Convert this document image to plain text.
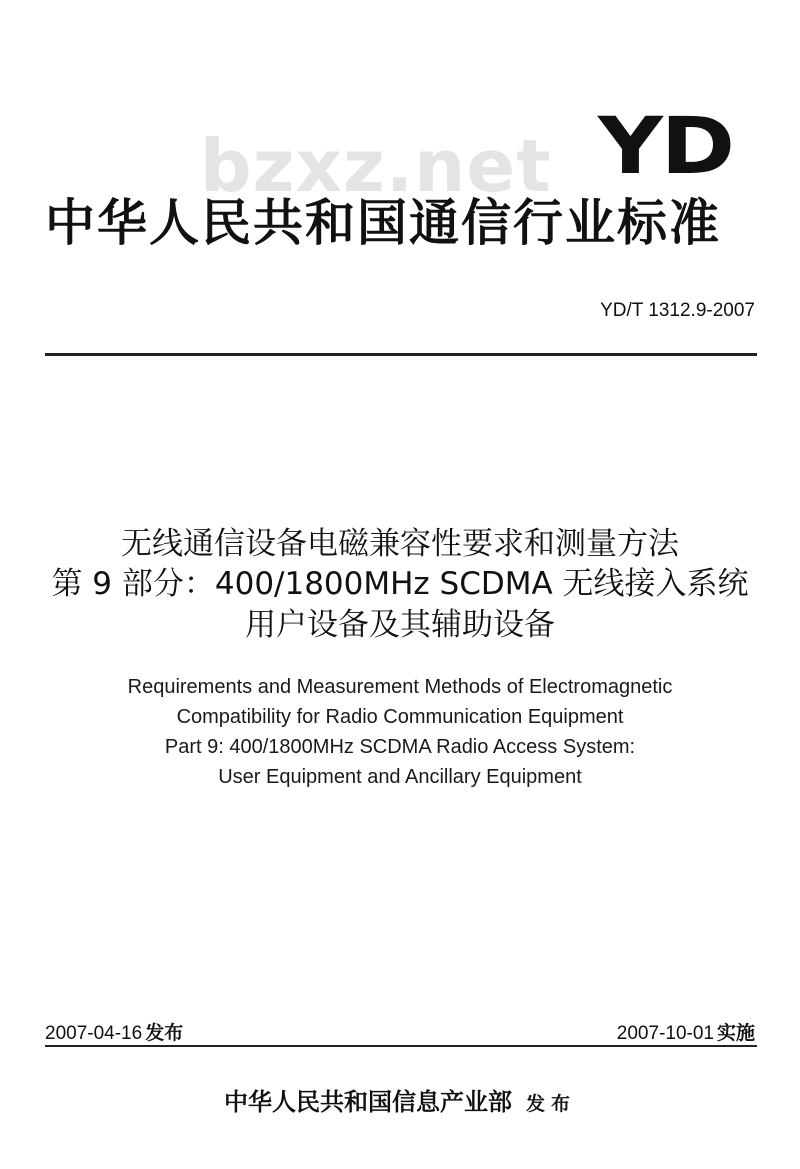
bzxz.net YD
中华人民共和国通信行业标准
YD/T 1312.9-2007
无线通信设备电磁兼容性要求和测量方法
第 9 部分：400/1800MHz SCDMA 无线接入系统
用户设备及其辅助设备
Requirements and Measurement Methods of Electromagnetic
Compatibility for Radio Communication Equipment
Part 9: 400/1800MHz SCDMA Radio Access System:
User Equipment and Ancillary Equipment
2007-04-16 发布	2007-10-01 实施
中华人民共和国信息产业部 发布
